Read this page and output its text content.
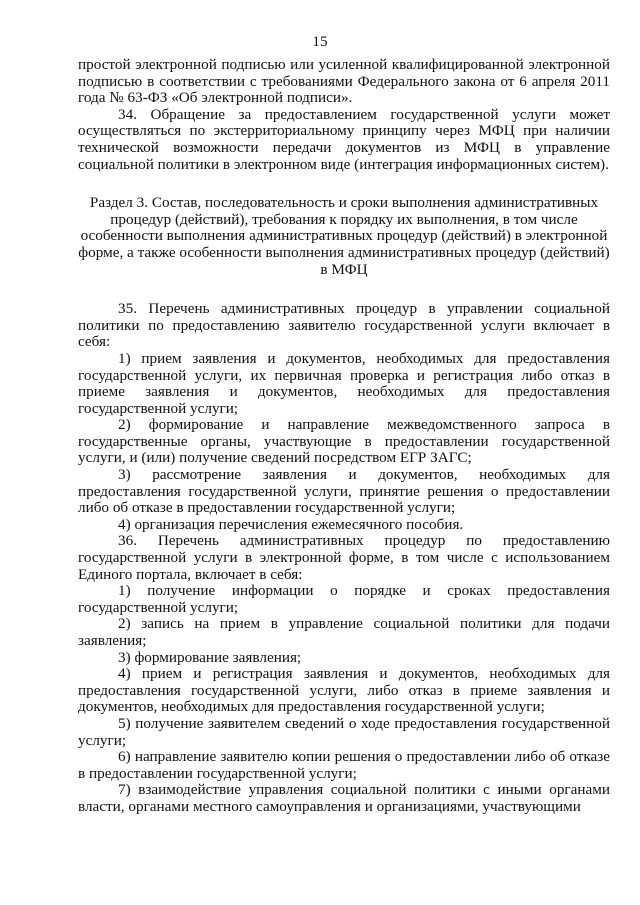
15

простой электронной подписью или усиленной квалифицированной электронной подписью в соответствии с требованиями Федерального закона от 6 апреля 2011 года № 63-ФЗ «Об электронной подписи».

34. Обращение за предоставлением государственной услуги может осуществляться по экстерриториальному принципу через МФЦ при наличии технической возможности передачи документов из МФЦ в управление социальной политики в электронном виде (интеграция информационных систем).

Раздел 3. Состав, последовательность и сроки выполнения административных процедур (действий), требования к порядку их выполнения, в том числе особенности выполнения административных процедур (действий) в электронной форме, а также особенности выполнения административных процедур (действий) в МФЦ

35. Перечень административных процедур в управлении социальной политики по предоставлению заявителю государственной услуги включает в себя:

1) прием заявления и документов, необходимых для предоставления государственной услуги, их первичная проверка и регистрация либо отказ в приеме заявления и документов, необходимых для предоставления государственной услуги;

2) формирование и направление межведомственного запроса в государственные органы, участвующие в предоставлении государственной услуги, и (или) получение сведений посредством ЕГР ЗАГС;

3) рассмотрение заявления и документов, необходимых для предоставления государственной услуги, принятие решения о предоставлении либо об отказе в предоставлении государственной услуги;

4) организация перечисления ежемесячного пособия.

36. Перечень административных процедур по предоставлению государственной услуги в электронной форме, в том числе с использованием Единого портала, включает в себя:

1) получение информации о порядке и сроках предоставления государственной услуги;

2) запись на прием в управление социальной политики для подачи заявления;

3) формирование заявления;

4) прием и регистрация заявления и документов, необходимых для предоставления государственной услуги, либо отказ в приеме заявления и документов, необходимых для предоставления государственной услуги;

5) получение заявителем сведений о ходе предоставления государственной услуги;

6) направление заявителю копии решения о предоставлении либо об отказе в предоставлении государственной услуги;

7) взаимодействие управления социальной политики с иными органами власти, органами местного самоуправления и организациями, участвующими
